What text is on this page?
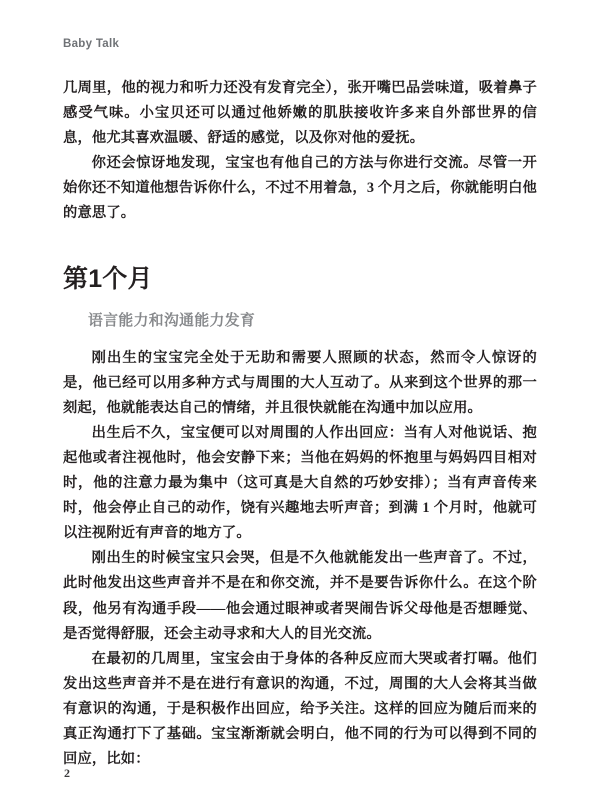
Baby Talk

几周里，他的视力和听力还没有发育完全），张开嘴巴品尝味道，吸着鼻子感受气味。小宝贝还可以通过他娇嫩的肌肤接收许多来自外部世界的信息，他尤其喜欢温暖、舒适的感觉，以及你对他的爱抚。

你还会惊讶地发现，宝宝也有他自己的方法与你进行交流。尽管一开始你还不知道他想告诉你什么，不过不用着急，3 个月之后，你就能明白他的意思了。

第1个月
语言能力和沟通能力发育

刚出生的宝宝完全处于无助和需要人照顾的状态，然而令人惊讶的是，他已经可以用多种方式与周围的大人互动了。从来到这个世界的那一刻起，他就能表达自己的情绪，并且很快就能在沟通中加以应用。

出生后不久，宝宝便可以对周围的人作出回应：当有人对他说话、抱起他或者注视他时，他会安静下来；当他在妈妈的怀抱里与妈妈四目相对时，他的注意力最为集中（这可真是大自然的巧妙安排）；当有声音传来时，他会停止自己的动作，饶有兴趣地去听声音；到满 1 个月时，他就可以注视附近有声音的地方了。

刚出生的时候宝宝只会哭，但是不久他就能发出一些声音了。不过，此时他发出这些声音并不是在和你交流，并不是要告诉你什么。在这个阶段，他另有沟通手段——他会通过眼神或者哭闹告诉父母他是否想睡觉、是否觉得舒服，还会主动寻求和大人的目光交流。

在最初的几周里，宝宝会由于身体的各种反应而大哭或者打嗝。他们发出这些声音并不是在进行有意识的沟通，不过，周围的大人会将其当做有意识的沟通，于是积极作出回应，给予关注。这样的回应为随后而来的真正沟通打下了基础。宝宝渐渐就会明白，他不同的行为可以得到不同的回应，比如：

2
